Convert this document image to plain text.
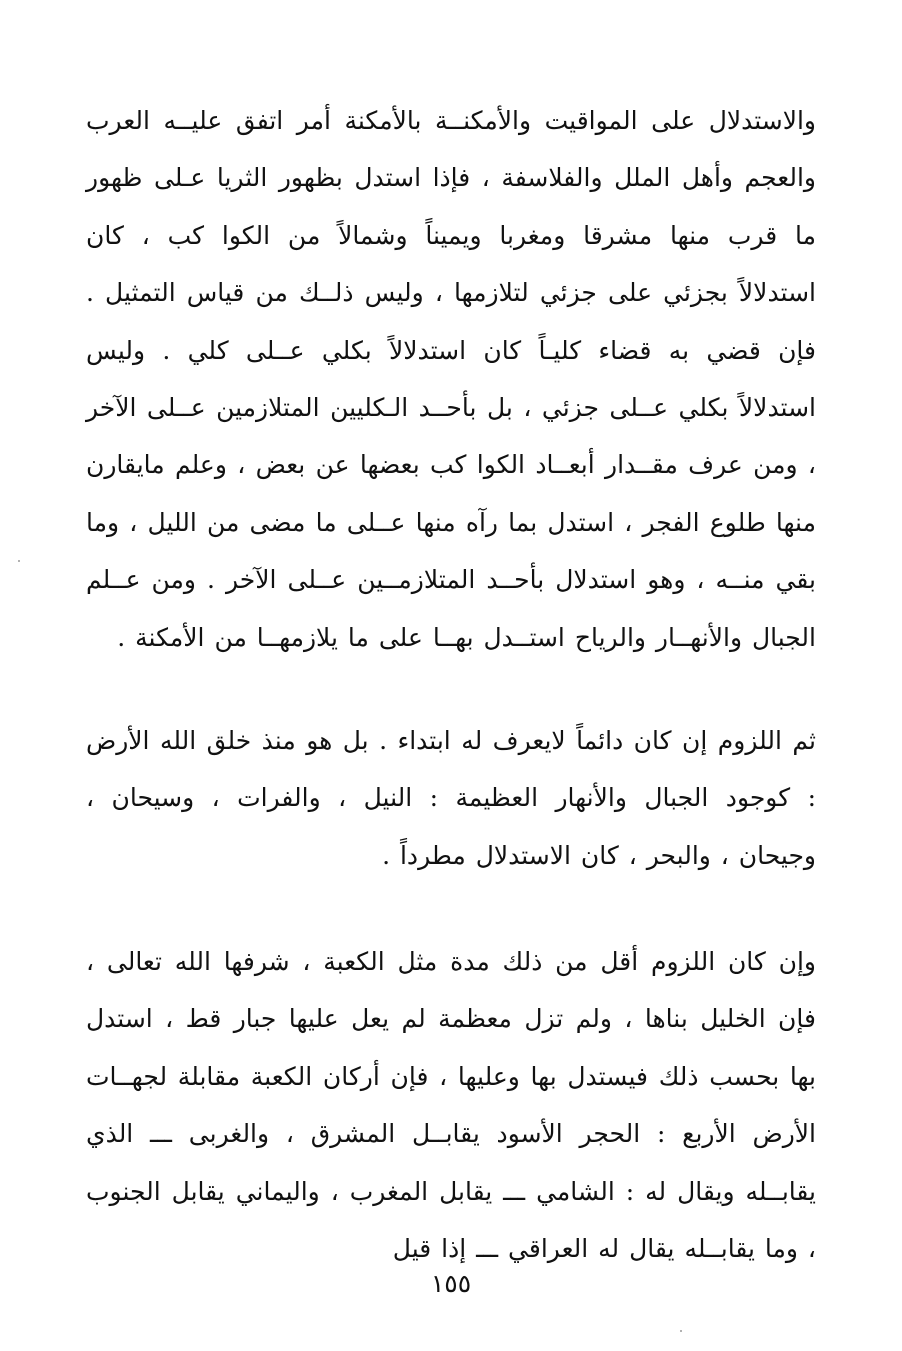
والاستدلال على المواقيت والأمكنــة بالأمكنة أمر اتفق عليــه العرب والعجم وأهل الملل والفلاسفة ، فإذا استدل بظهور الثريا عـلى ظهور ما قرب منها مشرقا ومغربا ويميناً وشمالاً من الكوا كب ، كان استدلالاً بجزئي على جزئي لتلازمها ، وليس ذلــك من قياس التمثيل . فإن قضي به قضاء كليـاً كان استدلالاً بكلي عــلى كلي . وليس استدلالاً بكلي عــلى جزئي ، بل بأحــد الـكليين المتلازمين عــلى الآخر ، ومن عرف مقــدار أبعــاد الكوا كب بعضها عن بعض ، وعلم مايقارن منها طلوع الفجر ، استدل بما رآه منها عــلى ما مضى من الليل ، وما بقي منــه ، وهو استدلال بأحــد المتلازمــين عــلى الآخر . ومن عــلم الجبال والأنهــار والرياح استــدل بهــا على ما يلازمهــا من الأمكنة .

ثم اللزوم إن كان دائماً لايعرف له ابتداء . بل هو منذ خلق الله الأرض : كوجود الجبال والأنهار العظيمة : النيل ، والفرات ، وسيحان ، وجيحان ، والبحر ، كان الاستدلال مطرداً .

وإن كان اللزوم أقل من ذلك مدة مثل الكعبة ، شرفها الله تعالى ، فإن الخليل بناها ، ولم تزل معظمة لم يعل عليها جبار قط ، استدل بها بحسب ذلك فيستدل بها وعليها ، فإن أركان الكعبة مقابلة لجهــات الأرض الأربع : الحجر الأسود يقابــل المشرق ، والغربى ـــ الذي يقابــله ويقال له : الشامي ـــ يقابل المغرب ، واليماني يقابل الجنوب ، وما يقابــله يقال له العراقي ـــ إذا قيل

١٥٥
